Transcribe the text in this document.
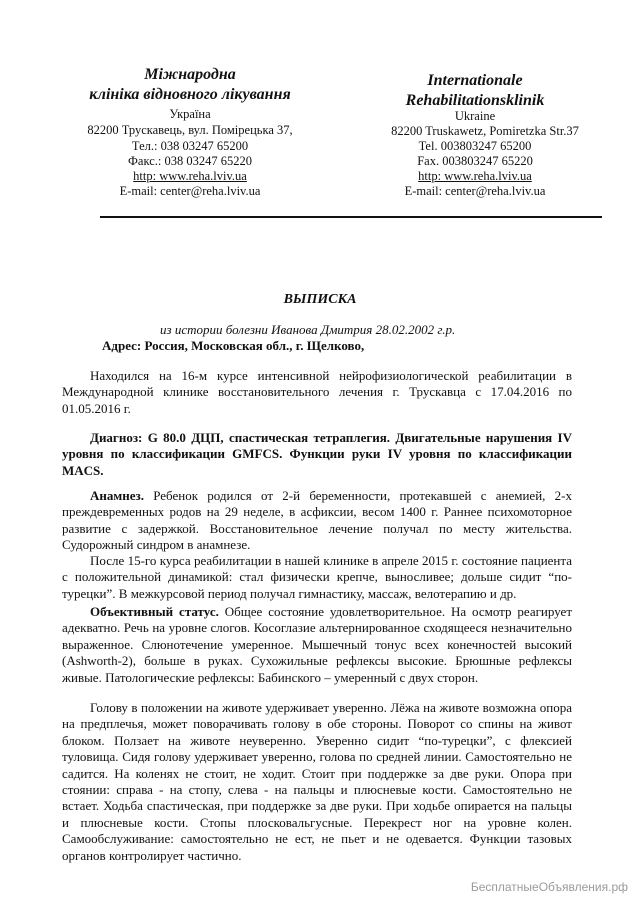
Міжнародна
клініка відновного лікування
Україна
82200 Трускавець, вул. Помірецька 37,
Тел.: 038 03247 65200
Факс.: 038 03247 65220
http: www.reha.lviv.ua
E-mail: center@reha.lviv.ua
Internationale
Rehabilitationsklinik
Ukraine
82200 Truskawetz, Pomiretzka Str.37
Tel. 003803247 65200
Fax. 003803247 65220
http: www.reha.lviv.ua
E-mail: center@reha.lviv.ua
ВЫПИСКА
из истории болезни Иванова Дмитрия 28.02.2002 г.р.
Адрес: Россия, Московская обл., г. Щелково,
Находился на 16-м курсе интенсивной нейрофизиологической реабилитации в Международной клинике восстановительного лечения г. Трускавца с 17.04.2016 по 01.05.2016 г.
Диагноз: G 80.0 ДЦП, спастическая тетраплегия. Двигательные нарушения IV уровня по классификации GMFCS. Функции руки IV уровня по классификации MACS.
Анамнез. Ребенок родился от 2-й беременности, протекавшей с анемией, 2-х преждевременных родов на 29 неделе, в асфиксии, весом 1400 г. Раннее психомоторное развитие с задержкой. Восстановительное лечение получал по месту жительства. Судорожный синдром в анамнезе.
После 15-го курса реабилитации в нашей клинике в апреле 2015 г. состояние пациента с положительной динамикой: стал физически крепче, выносливее; дольше сидит “по-турецки”. В межкурсовой период получал гимнастику, массаж, велотерапию и др.
Объективный статус. Общее состояние удовлетворительное. На осмотр реагирует адекватно. Речь на уровне слогов. Косоглазие альтернированное сходящееся незначительно выраженное. Слюнотечение умеренное. Мышечный тонус всех конечностей высокий (Ashworth-2), больше в руках. Сухожильные рефлексы высокие. Брюшные рефлексы живые. Патологические рефлексы: Бабинского – умеренный с двух сторон.
Голову в положении на животе удерживает уверенно. Лёжа на животе возможна опора на предплечья, может поворачивать голову в обе стороны. Поворот со спины на живот блоком. Ползает на животе неуверенно. Уверенно сидит “по-турецки”, с флексией туловища. Сидя голову удерживает уверенно, голова по средней линии. Самостоятельно не садится. На коленях не стоит, не ходит. Стоит при поддержке за две руки. Опора при стоянии: справа - на стопу, слева - на пальцы и плюсневые кости. Самостоятельно не встает. Ходьба спастическая, при поддержке за две руки. При ходьбе опирается на пальцы и плюсневые кости. Стопы плосковальгусные. Перекрест ног на уровне колен. Самообслуживание: самостоятельно не ест, не пьет и не одевается. Функции тазовых органов контролирует частично.
БесплатныеОбъявления.рф
